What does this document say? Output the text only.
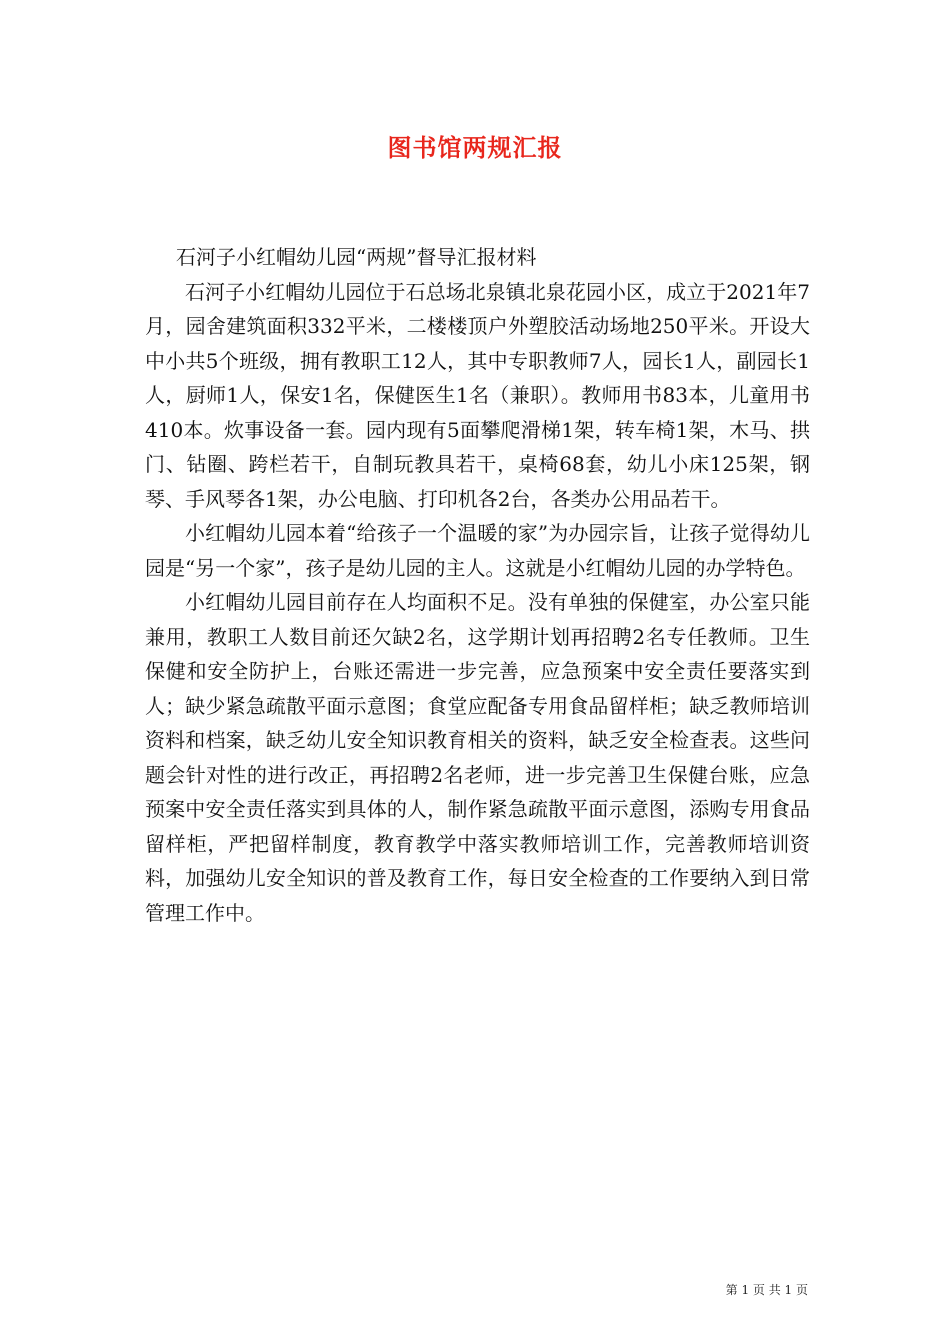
图书馆两规汇报

石河子小红帽幼儿园“两规”督导汇报材料

石河子小红帽幼儿园位于石总场北泉镇北泉花园小区，成立于2021年7月，园舍建筑面积332平米，二楼楼顶户外塑胶活动场地250平米。开设大中小共5个班级，拥有教职工12人，其中专职教师7人，园长1人，副园长1人，厨师1人，保安1名，保健医生1名（兼职）。教师用书83本，儿童用书410本。炊事设备一套。园内现有5面攀爬滑梯1架，转车椅1架，木马、拱门、钻圈、跨栏若干，自制玩教具若干，桌椅68套，幼儿小床125架，钢琴、手风琴各1架，办公电脑、打印机各2台，各类办公用品若干。

小红帽幼儿园本着“给孩子一个温暖的家”为办园宗旨，让孩子觉得幼儿园是“另一个家”，孩子是幼儿园的主人。这就是小红帽幼儿园的办学特色。

小红帽幼儿园目前存在人均面积不足。没有单独的保健室，办公室只能兼用，教职工人数目前还欠缺2名，这学期计划再招聘2名专任教师。卫生保健和安全防护上，台账还需进一步完善，应急预案中安全责任要落实到人；缺少紧急疏散平面示意图；食堂应配备专用食品留样柜；缺乏教师培训资料和档案，缺乏幼儿安全知识教育相关的资料，缺乏安全检查表。这些问题会针对性的进行改正，再招聘2名老师，进一步完善卫生保健台账，应急预案中安全责任落实到具体的人，制作紧急疏散平面示意图，添购专用食品留样柜，严把留样制度，教育教学中落实教师培训工作，完善教师培训资料，加强幼儿安全知识的普及教育工作，每日安全检查的工作要纳入到日常管理工作中。

第 1 页 共 1 页
